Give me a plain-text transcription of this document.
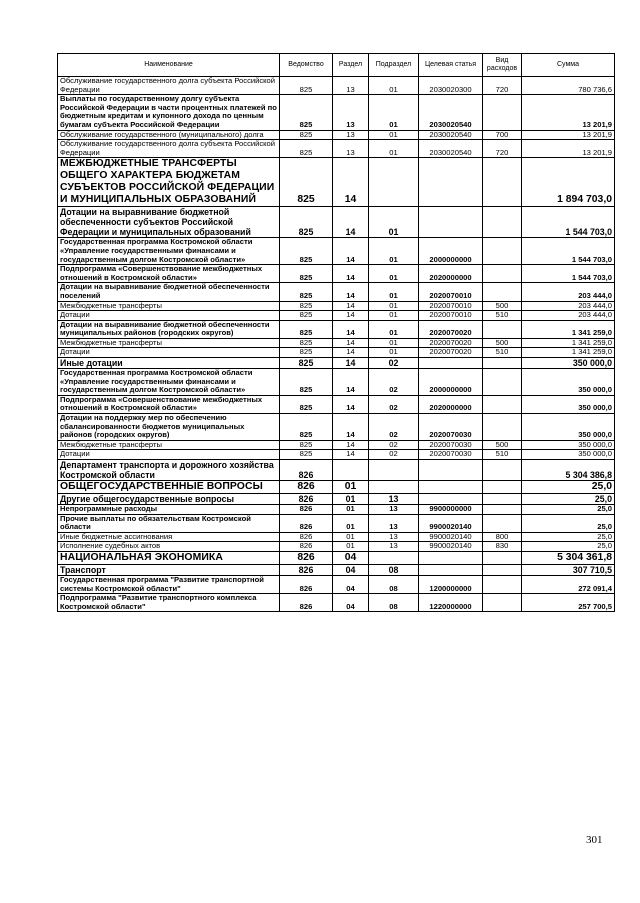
Наименование	Ведомство	Раздел	Подраздел	Целевая статья	Вид расходов	Сумма
Обслуживание государственного долга субъекта Российской Федерации	825	13	01	2030020300	720	780 736,6
Выплаты по государственному долгу субъекта Российской Федерации в части процентных платежей по бюджетным кредитам и купонного дохода по ценным бумагам субъекта Российской Федерации	825	13	01	2030020540		13 201,9
Обслуживание государственного (муниципального) долга	825	13	01	2030020540	700	13 201,9
Обслуживание государственного долга субъекта Российской Федерации	825	13	01	2030020540	720	13 201,9
МЕЖБЮДЖЕТНЫЕ ТРАНСФЕРТЫ ОБЩЕГО ХАРАКТЕРА БЮДЖЕТАМ СУБЪЕКТОВ РОССИЙСКОЙ ФЕДЕРАЦИИ И МУНИЦИПАЛЬНЫХ ОБРАЗОВАНИЙ	825	14				1 894 703,0
Дотации на выравнивание бюджетной обеспеченности субъектов Российской Федерации и муниципальных образований	825	14	01			1 544 703,0
Государственная программа Костромской области «Управление государственными финансами и государственным долгом Костромской области»	825	14	01	2000000000		1 544 703,0
Подпрограмма «Совершенствование межбюджетных отношений в Костромской области»	825	14	01	2020000000		1 544 703,0
Дотации на выравнивание бюджетной обеспеченности поселений	825	14	01	2020070010		203 444,0
Межбюджетные трансферты	825	14	01	2020070010	500	203 444,0
Дотации	825	14	01	2020070010	510	203 444,0
Дотации на выравнивание бюджетной обеспеченности муниципальных районов (городских округов)	825	14	01	2020070020		1 341 259,0
Межбюджетные трансферты	825	14	01	2020070020	500	1 341 259,0
Дотации	825	14	01	2020070020	510	1 341 259,0
Иные дотации	825	14	02			350 000,0
Государственная программа Костромской области «Управление государственными финансами и государственным долгом Костромской области»	825	14	02	2000000000		350 000,0
Подпрограмма «Совершенствование межбюджетных отношений в Костромской области»	825	14	02	2020000000		350 000,0
Дотации на поддержку мер по обеспечению сбалансированности бюджетов муниципальных районов (городских округов)	825	14	02	2020070030		350 000,0
Межбюджетные трансферты	825	14	02	2020070030	500	350 000,0
Дотации	825	14	02	2020070030	510	350 000,0
Департамент транспорта и дорожного хозяйства Костромской области	826					5 304 386,8
ОБЩЕГОСУДАРСТВЕННЫЕ ВОПРОСЫ	826	01				25,0
Другие общегосударственные вопросы	826	01	13			25,0
Непрограммные расходы	826	01	13	9900000000		25,0
Прочие выплаты по обязательствам Костромской области	826	01	13	9900020140		25,0
Иные бюджетные ассигнования	826	01	13	9900020140	800	25,0
Исполнение судебных актов	826	01	13	9900020140	830	25,0
НАЦИОНАЛЬНАЯ ЭКОНОМИКА	826	04				5 304 361,8
Транспорт	826	04	08			307 710,5
Государственная программа "Развитие транспортной системы Костромской области"	826	04	08	1200000000		272 091,4
Подпрограмма "Развитие транспортного комплекса Костромской области"	826	04	08	1220000000		257 700,5
301
